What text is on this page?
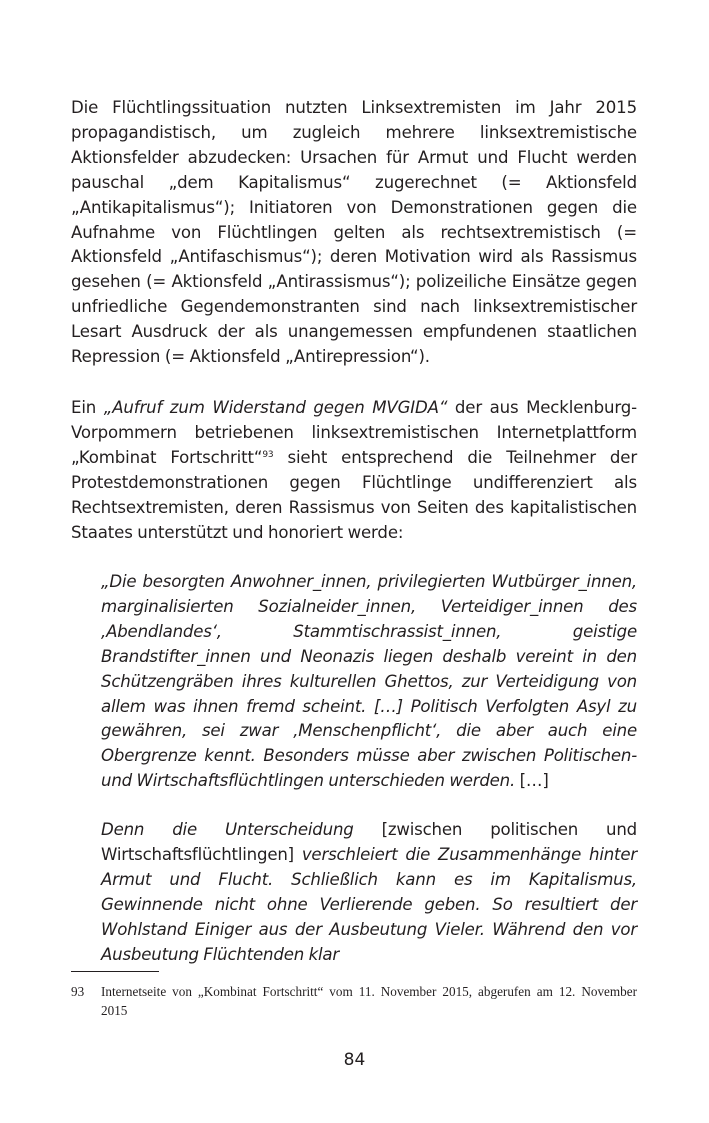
Die Flüchtlingssituation nutzten Linksextremisten im Jahr 2015 propagandistisch, um zugleich mehrere linksextremistische Aktionsfelder abzudecken: Ursachen für Armut und Flucht werden pauschal „dem Kapitalismus“ zugerechnet (= Aktionsfeld „Antikapitalismus“); Initiatoren von Demonstrationen gegen die Aufnahme von Flüchtlingen gelten als rechtsextremistisch (= Aktionsfeld „Antifaschismus“); deren Motivation wird als Rassismus gesehen (= Aktionsfeld „Antirassismus“); polizeiliche Einsätze gegen unfriedliche Gegendemonstranten sind nach linksextremistischer Lesart Ausdruck der als unangemessen empfundenen staatlichen Repression (= Aktionsfeld „Antirepression“).

Ein „Aufruf zum Widerstand gegen MVGIDA“ der aus Mecklenburg-Vorpommern betriebenen linksextremistischen Internetplattform „Kombinat Fortschritt“$^{93}$ sieht entsprechend die Teilnehmer der Protestdemonstrationen gegen Flüchtlinge undifferenziert als Rechtsextremisten, deren Rassismus von Seiten des kapitalistischen Staates unterstützt und honoriert werde:

„Die besorgten Anwohner_innen, privilegierten Wutbürger_innen, marginalisierten Sozialneider_innen, Verteidiger_innen des ‚Abendlandes‘, Stammtischrassist_innen, geistige Brandstifter_innen und Neonazis liegen deshalb vereint in den Schützengräben ihres kulturellen Ghettos, zur Verteidigung von allem was ihnen fremd scheint. […] Politisch Verfolgten Asyl zu gewähren, sei zwar ‚Menschenpflicht‘, die aber auch eine Obergrenze kennt. Besonders müsse aber zwischen Politischen- und Wirtschaftsflüchtlingen unterschieden werden. […]

Denn die Unterscheidung [zwischen politischen und Wirtschaftsflüchtlingen] verschleiert die Zusammenhänge hinter Armut und Flucht. Schließlich kann es im Kapitalismus, Gewinnende nicht ohne Verlierende geben. So resultiert der Wohlstand Einiger aus der Ausbeutung Vieler. Während den vor Ausbeutung Flüchtenden klar

93	Internetseite von „Kombinat Fortschritt“ vom 11. November 2015, abgerufen am 12. November 2015
84
